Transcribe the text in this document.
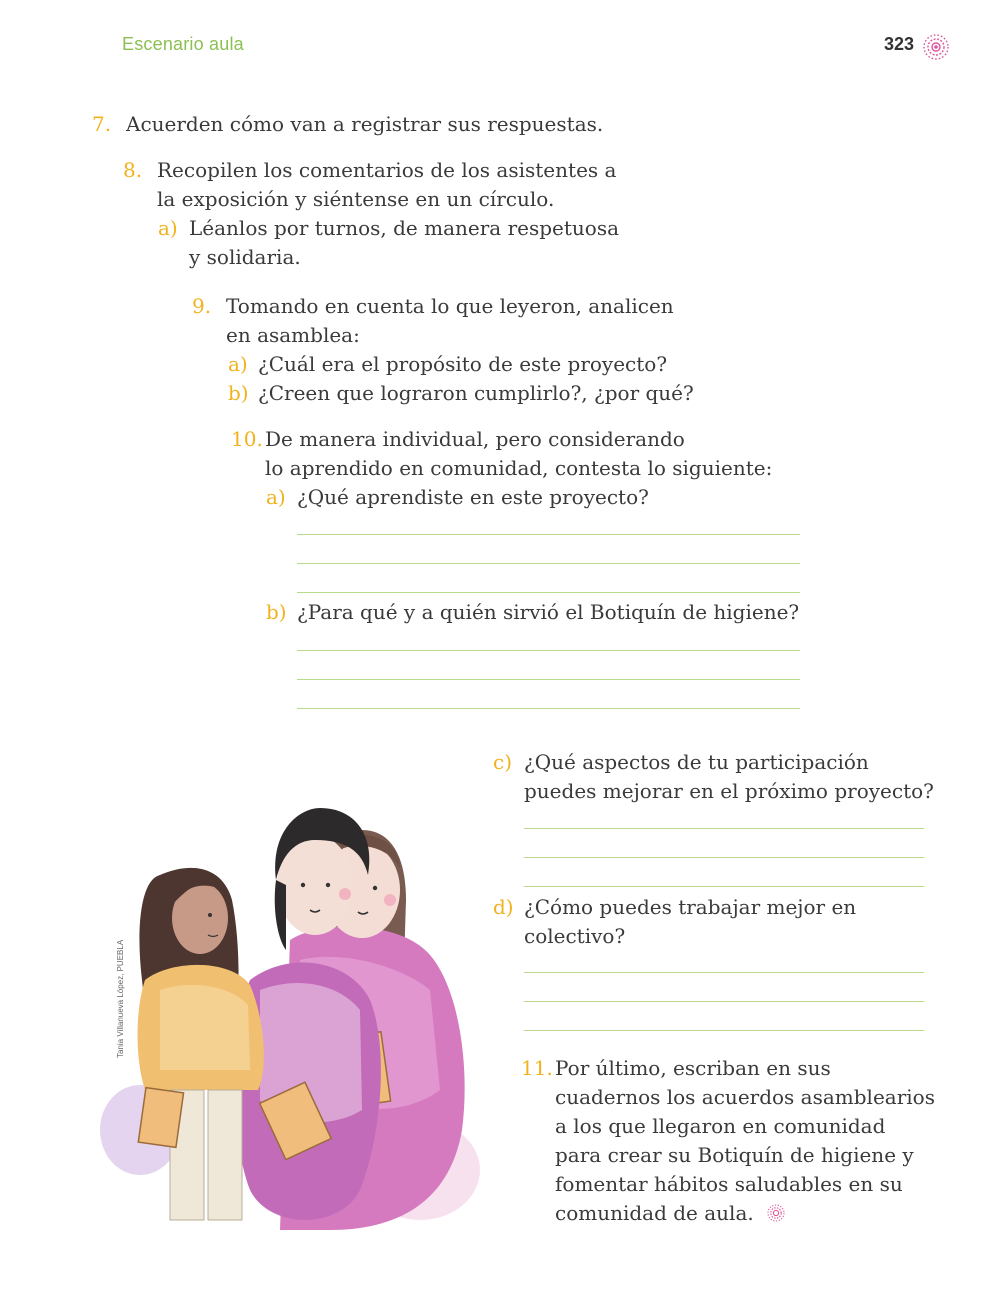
Escenario aula	323
7. Acuerden cómo van a registrar sus respuestas.
8. Recopilen los comentarios de los asistentes a
la exposición y siéntense en un círculo.
a) Léanlos por turnos, de manera respetuosa
y solidaria.
9. Tomando en cuenta lo que leyeron, analicen
en asamblea:
a) ¿Cuál era el propósito de este proyecto?
b) ¿Creen que lograron cumplirlo?, ¿por qué?
10. De manera individual, pero considerando
lo aprendido en comunidad, contesta lo siguiente:
a) ¿Qué aprendiste en este proyecto?
b) ¿Para qué y a quién sirvió el Botiquín de higiene?
c) ¿Qué aspectos de tu participación
puedes mejorar en el próximo proyecto?
d) ¿Cómo puedes trabajar mejor en
colectivo?
11. Por último, escriban en sus
cuadernos los acuerdos asamblearios
a los que llegaron en comunidad
para crear su Botiquín de higiene y
fomentar hábitos saludables en su
comunidad de aula.
Tania Villanueva López, PUEBLA
